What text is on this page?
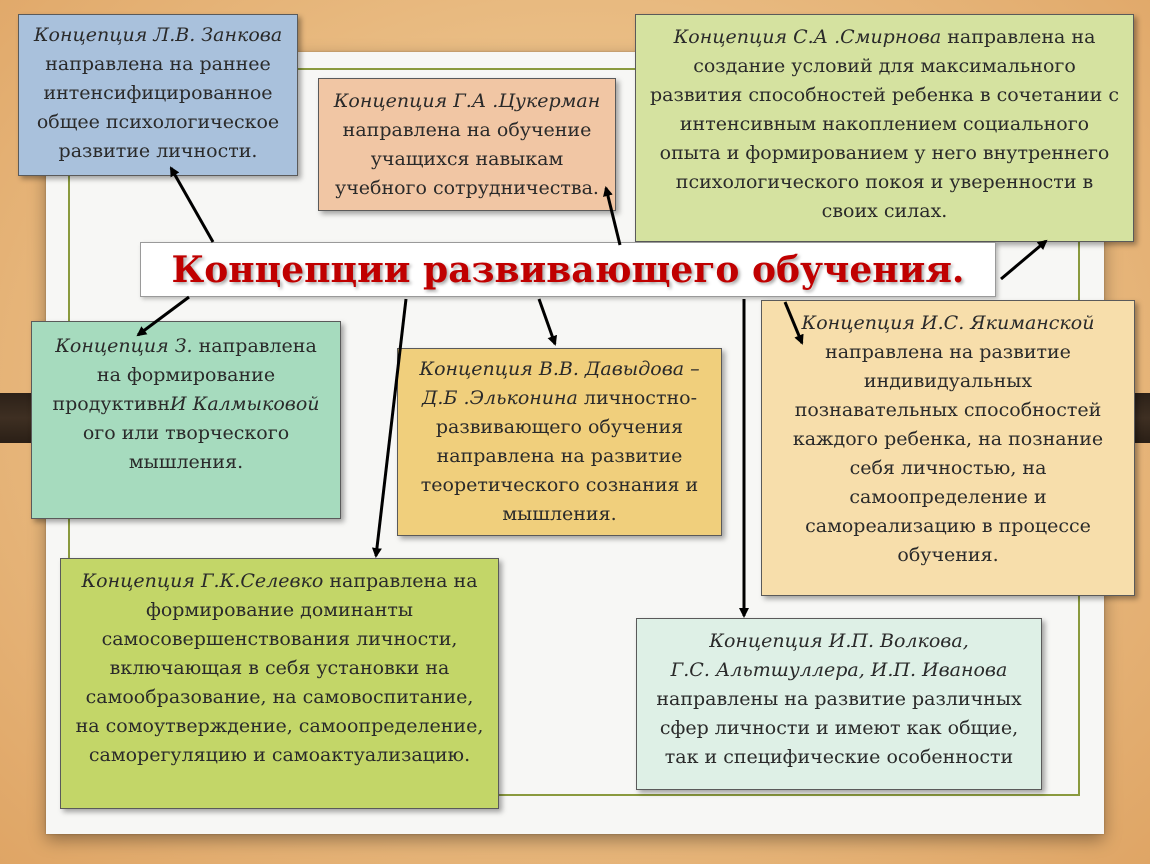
Концепция Л.В. Занкова направлена на раннее интенсифицированное общее психологическое развитие личности.
Концепция Г.А .Цукерман направлена на обучение учащихся навыкам учебного сотрудничества.
Концепция С.А .Смирнова направлена на создание условий для максимального развития способностей ребенка в сочетании с интенсивным накоплением социального опыта и формированием у него внутреннего психологического покоя и уверенности в своих силах.
Концепции развивающего обучения.
Концепция З. направлена на формирование продуктивнИ Калмыковой ого или творческого мышления.
Концепция В.В. Давыдова – Д.Б .Эльконина личностно-развивающего обучения направлена на развитие теоретического сознания и мышления.
Концепция И.С. Якиманской направлена на развитие индивидуальных познавательных способностей каждого ребенка, на познание себя личностью, на самоопределение и самореализацию в процессе обучения.
Концепция Г.К.Селевко направлена на формирование доминанты самосовершенствования личности, включающая в себя установки на самообразование, на самовоспитание, на сомоутверждение, самоопределение, саморегуляцию и самоактуализацию.
Концепция И.П. Волкова,
Г.С. Альтшуллера, И.П. Иванова
направлены на развитие различных сфер личности и имеют как общие, так и специфические особенности
